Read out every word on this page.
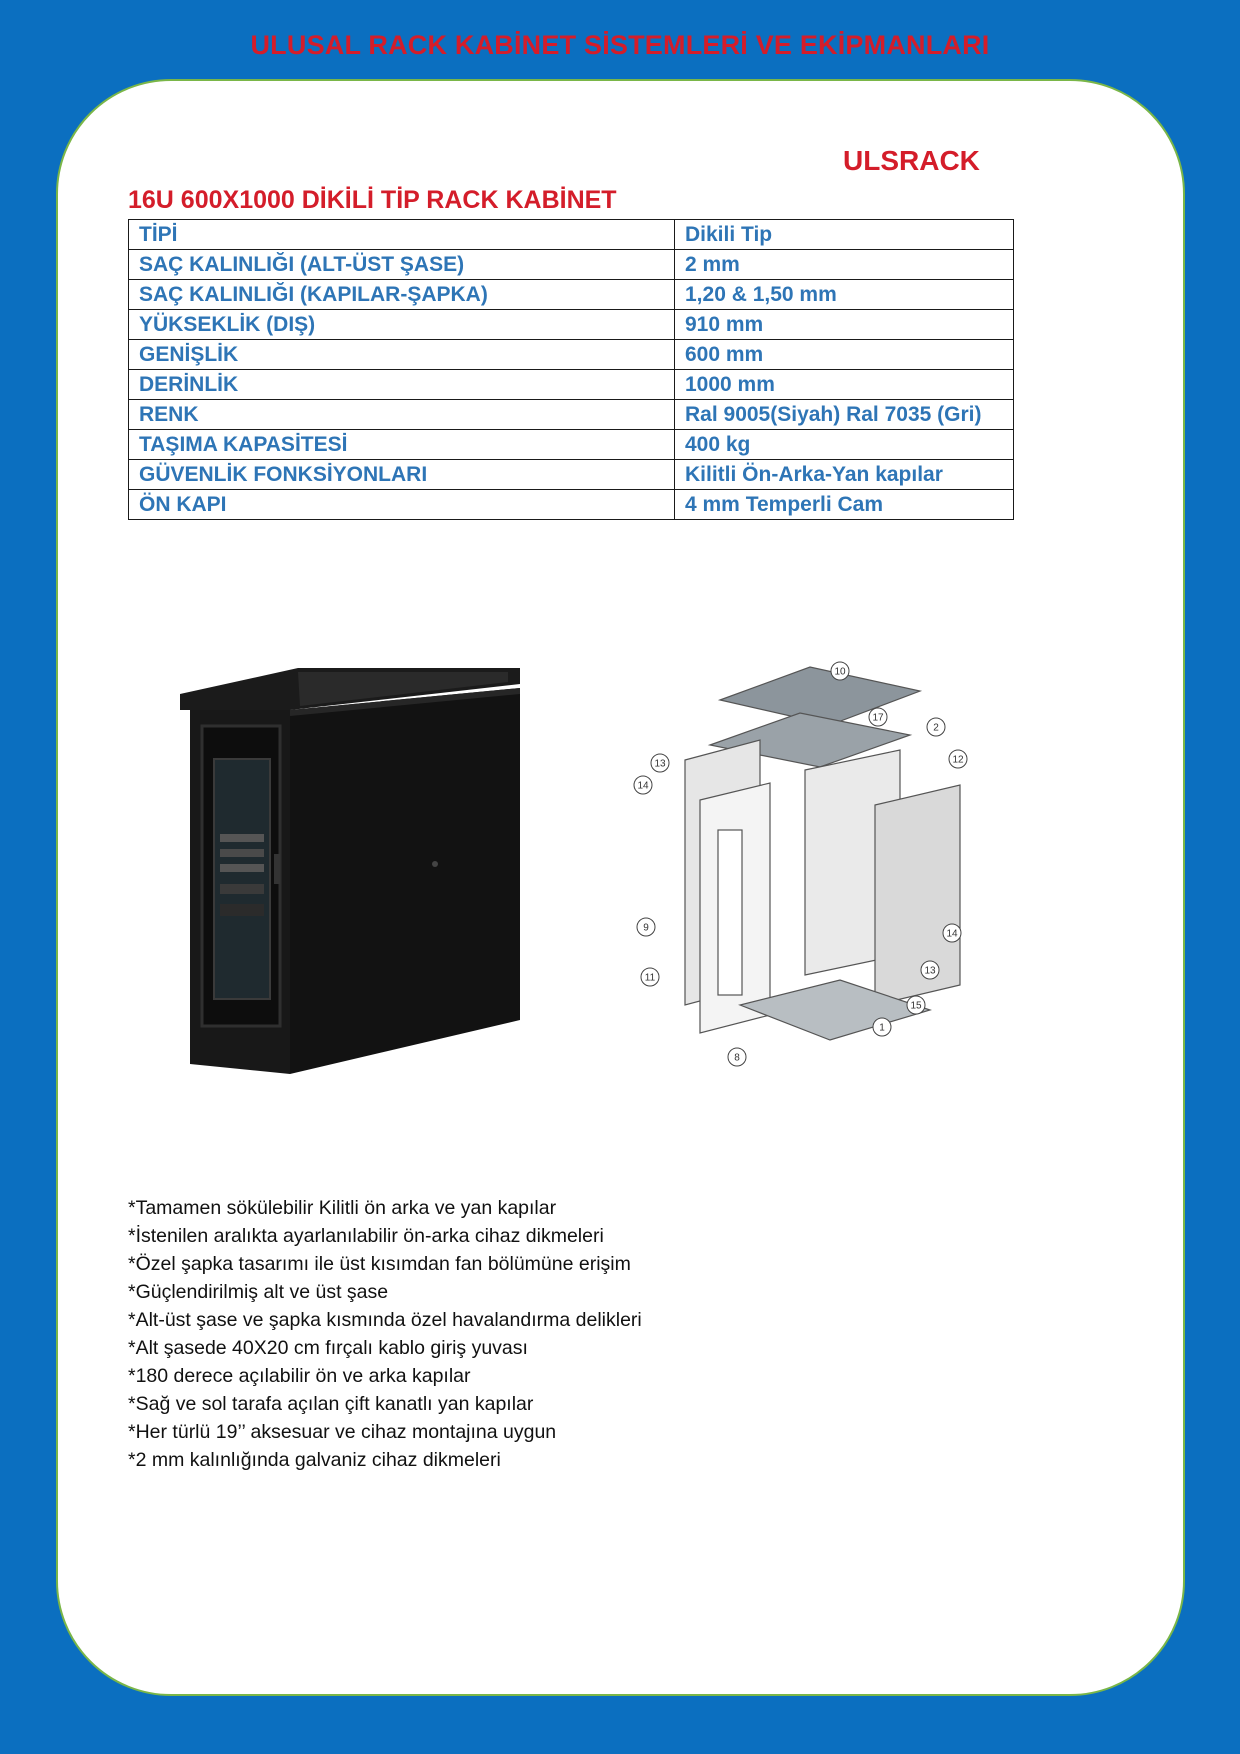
ULUSAL RACK KABİNET SİSTEMLERİ VE EKİPMANLARI
ULSRACK
16U 600X1000 DİKİLİ TİP RACK KABİNET
TİPİ	Dikili Tip
SAÇ KALINLIĞI (ALT-ÜST ŞASE)	2 mm
SAÇ KALINLIĞI (KAPILAR-ŞAPKA)	1,20 & 1,50 mm
YÜKSEKLİK (DIŞ)	910 mm
GENİŞLİK	600 mm
DERİNLİK	1000 mm
RENK	Ral 9005(Siyah) Ral 7035 (Gri)
TAŞIMA KAPASİTESİ	400 kg
GÜVENLİK FONKSİYONLARI	Kilitli Ön-Arka-Yan kapılar
ÖN KAPI	4 mm Temperli Cam
10
17
2
12
13
14
9
11
14
13
15
1
8
*Tamamen sökülebilir Kilitli ön arka ve yan kapılar
*İstenilen aralıkta ayarlanılabilir ön-arka cihaz dikmeleri
*Özel şapka tasarımı ile üst kısımdan fan bölümüne erişim
*Güçlendirilmiş alt ve üst şase
*Alt-üst şase ve şapka kısmında özel havalandırma delikleri
*Alt şasede 40X20 cm fırçalı kablo giriş yuvası
*180 derece açılabilir ön ve arka kapılar
*Sağ ve sol tarafa açılan çift kanatlı yan kapılar
*Her türlü 19’’ aksesuar ve cihaz montajına uygun
*2 mm kalınlığında galvaniz cihaz dikmeleri
